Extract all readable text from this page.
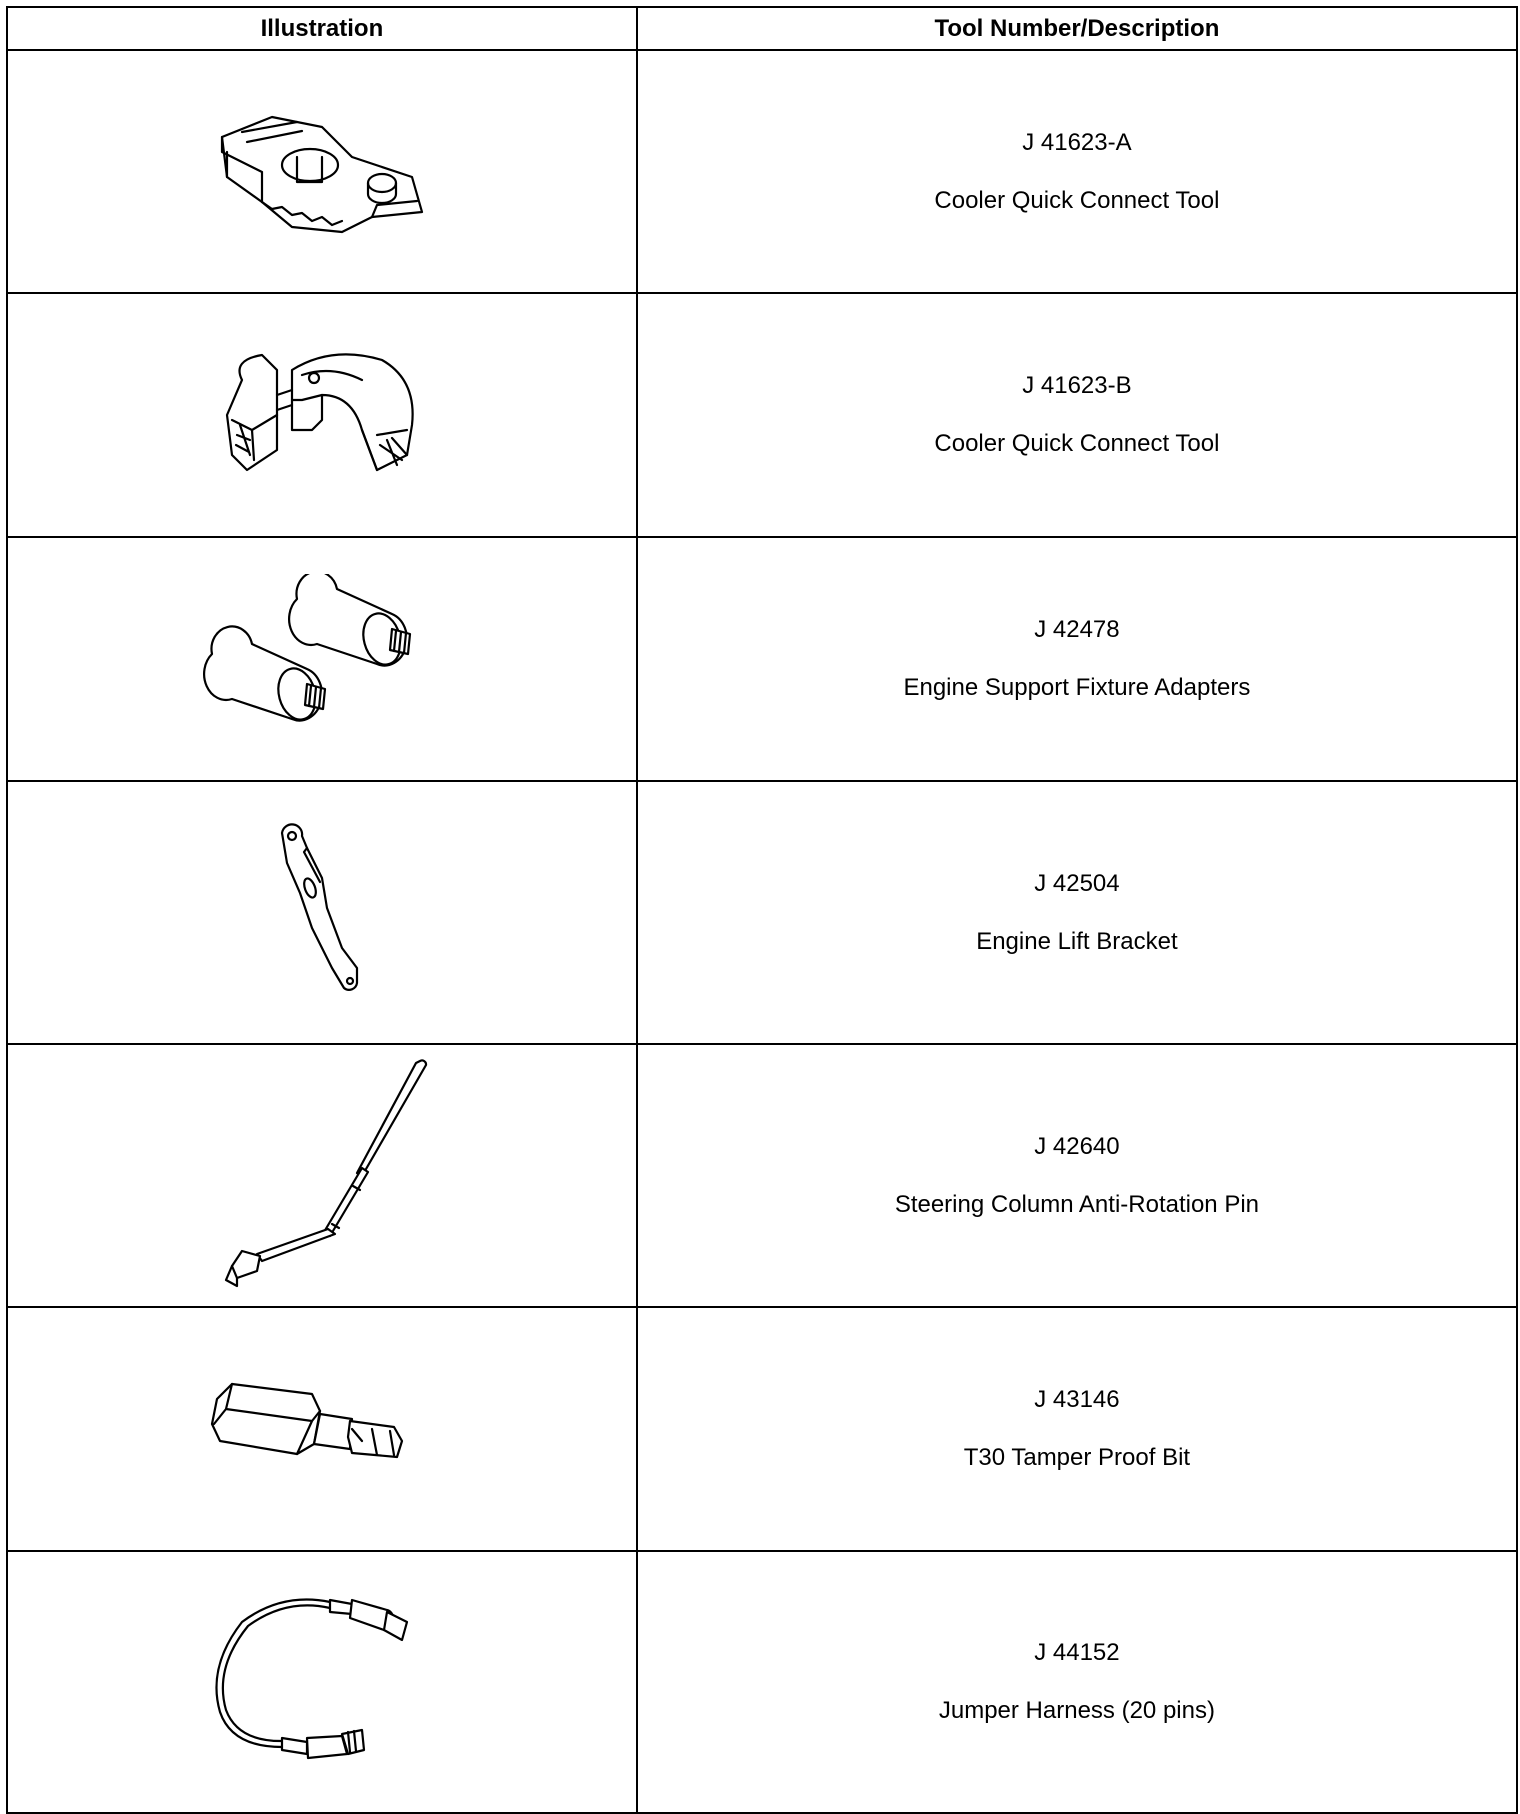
Illustration	Tool Number/Description

J 41623-A
Cooler Quick Connect Tool

J 41623-B
Cooler Quick Connect Tool

J 42478
Engine Support Fixture Adapters

J 42504
Engine Lift Bracket

J 42640
Steering Column Anti-Rotation Pin

J 43146
T30 Tamper Proof Bit

J 44152
Jumper Harness (20 pins)
